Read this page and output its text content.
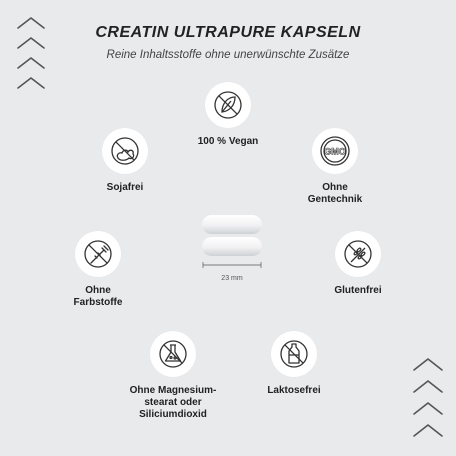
CREATIN ULTRAPURE KAPSELN
Reine Inhaltsstoffe ohne unerwünschte Zusätze
100 % Vegan
Sojafrei
GMO
Ohne
Gentechnik
Ohne
Farbstoffe
Glutenfrei
Ohne Magnesium-
stearat oder
Siliciumdioxid
Laktosefrei
23 mm
